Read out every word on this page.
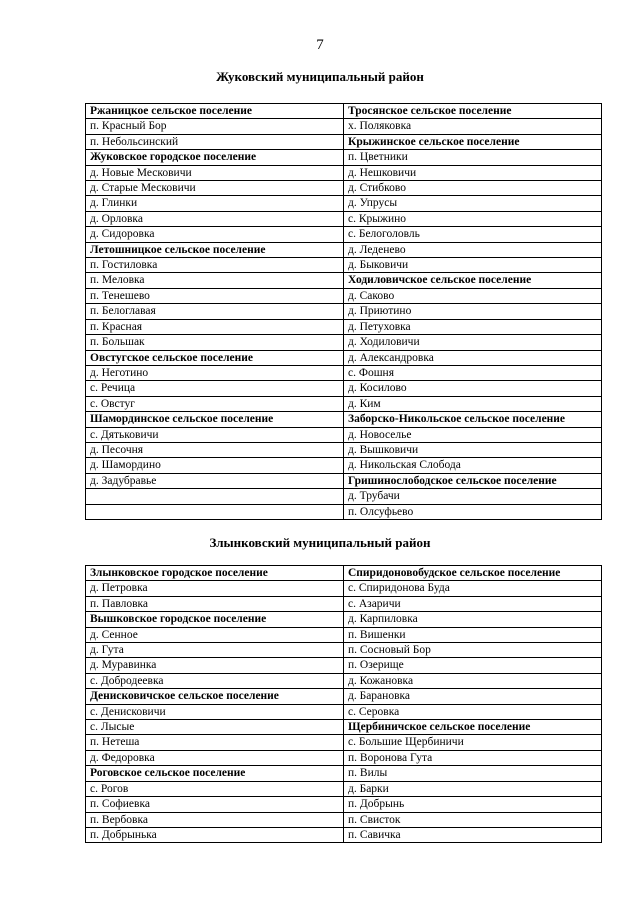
7
Жуковский муниципальный район
Ржаницкое сельское поселение	Тросянское сельское поселение
п. Красный Бор	х. Поляковка
п. Небольсинский	Крыжинское сельское поселение
Жуковское городское поселение	п. Цветники
д. Новые Месковичи	д. Нешковичи
д. Старые Месковичи	д. Стибково
д. Глинки	д. Упрусы
д. Орловка	с. Крыжино
д. Сидоровка	с. Белоголовль
Летошницкое сельское поселение	д. Леденево
п. Гостиловка	д. Быковичи
п. Меловка	Ходиловичское сельское поселение
п. Тенешево	д. Саково
п. Белоглавая	д. Приютино
п. Красная	д. Петуховка
п. Большак	д. Ходиловичи
Овстугское сельское поселение	д. Александровка
д. Неготино	с. Фошня
с. Речица	д. Косилово
с. Овстуг	д. Ким
Шамординское сельское поселение	Заборско-Никольское сельское поселение
с. Дятьковичи	д. Новоселье
д. Песочня	д. Вышковичи
д. Шамордино	д. Никольская Слобода
д. Задубравье	Гришинослободское сельское поселение
	д. Трубачи
	п. Олсуфьево
Злынковский муниципальный район
Злынковское городское поселение	Спиридоновобудское сельское поселение
д. Петровка	с. Спиридонова Буда
п. Павловка	с. Азаричи
Вышковское городское поселение	д. Карпиловка
д. Сенное	п. Вишенки
д. Гута	п. Сосновый Бор
д. Муравинка	п. Озерище
с. Добродеевка	д. Кожановка
Денисковичское сельское поселение	д. Барановка
с. Денисковичи	с. Серовка
с. Лысые	Щербиничское сельское поселение
п. Нетеша	с. Большие Щербиничи
д. Федоровка	п. Воронова Гута
Роговское сельское поселение	п. Вилы
с. Рогов	д. Барки
п. Софиевка	п. Добрынь
п. Вербовка	п. Свисток
п. Добрынька	п. Савичка
